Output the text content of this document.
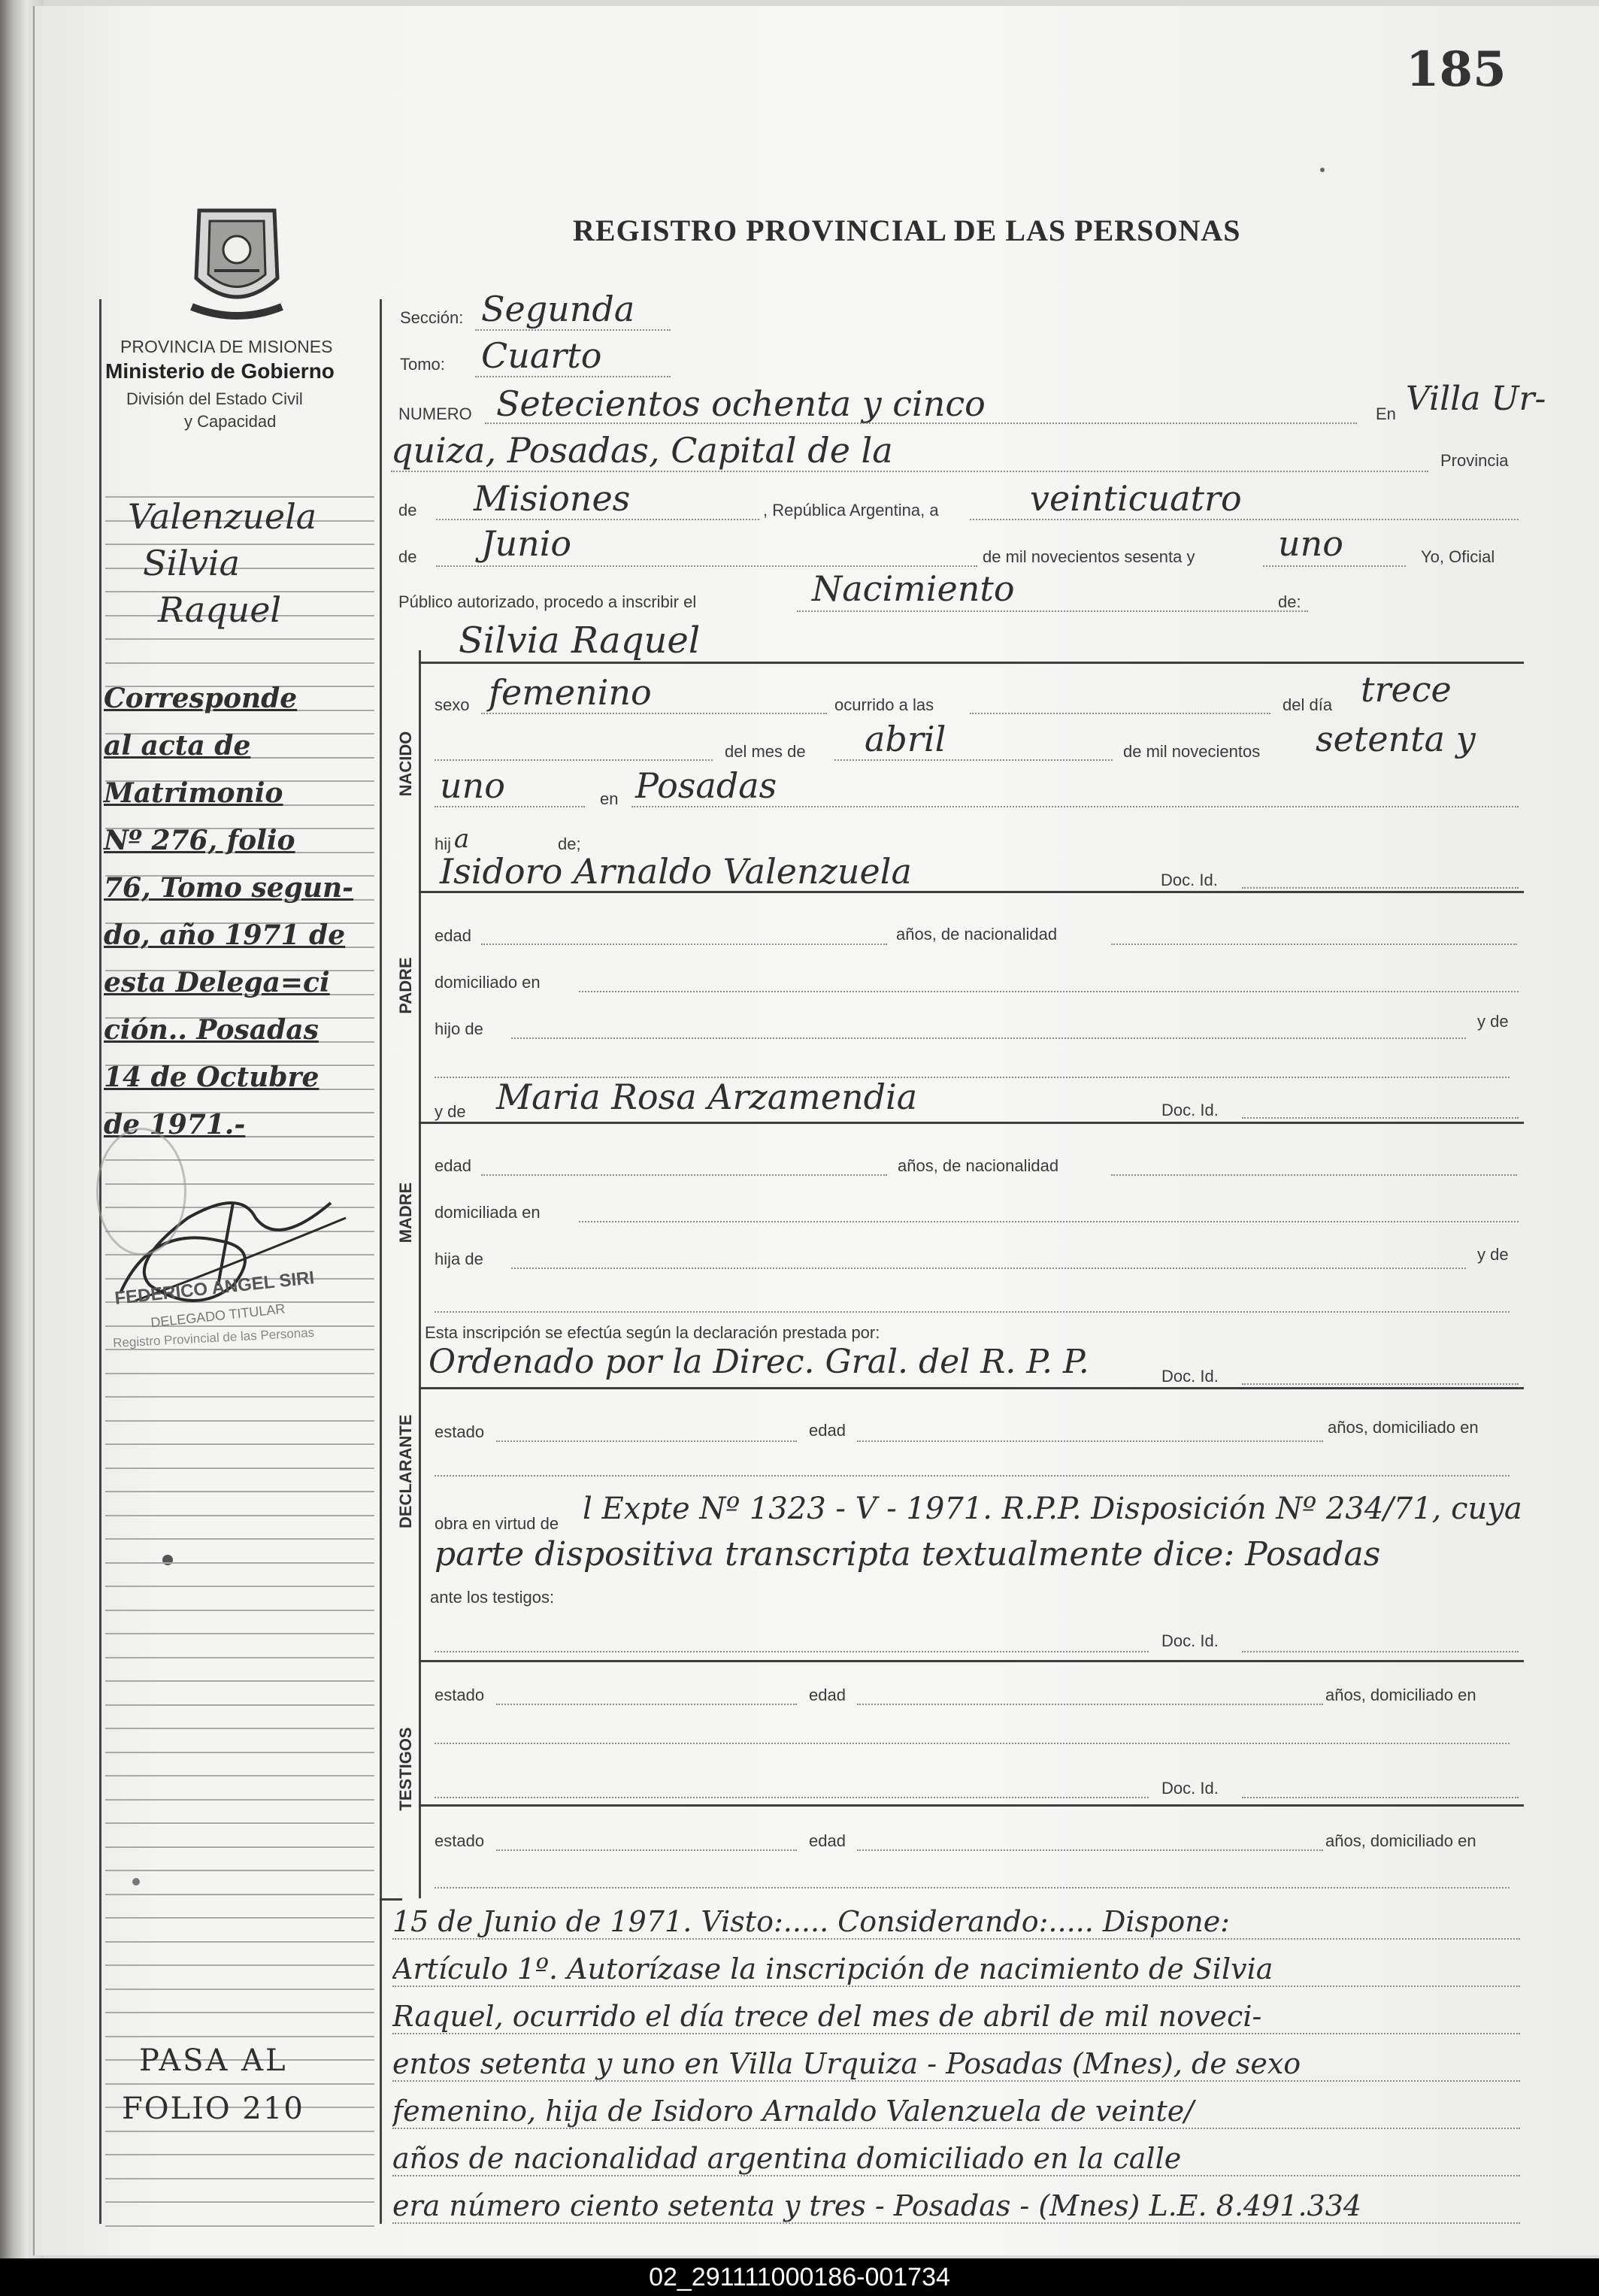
185
REGISTRO PROVINCIAL DE LAS PERSONAS
PROVINCIA DE MISIONES
Ministerio de Gobierno
División del Estado Civil
y Capacidad
Valenzuela
Silvia
Raquel
Corresponde
al acta de
Matrimonio
Nº 276, folio
76, Tomo segun-
do, año 1971 de
esta Delega=ci
ción.. Posadas
14 de Octubre
de 1971.-
FEDERICO ANGEL SIRI
DELEGADO TITULAR
Registro Provincial de las Personas
PASA AL
FOLIO 210
Sección: Segunda
Tomo: Cuarto
NUMERO Setecientos ochenta y cinco	En Villa Ur-
quiza, Posadas, Capital de la	Provincia
de Misiones	, República Argentina, a	veinticuatro
de Junio	de mil novecientos sesenta y uno	Yo, Oficial
Público autorizado, procedo a inscribir el	Nacimiento	de:
Silvia Raquel
NACIDO
PADRE
MADRE
DECLARANTE
TESTIGOS
sexo femenino	ocurrido a las	del día trece
del mes de abril	de mil novecientos setenta y
uno	en Posadas
hij a	de;
Isidoro Arnaldo Valenzuela	Doc. Id.
edad	años, de nacionalidad
domiciliado en
hijo de	y de
y de Maria Rosa Arzamendia	Doc. Id.
edad	años, de nacionalidad
domiciliada en
hija de	y de
Esta inscripción se efectúa según la declaración prestada por:
Ordenado por la Direc. Gral. del R. P. P.	Doc. Id.
estado	edad	años, domiciliado en
obra en virtud de l Expte Nº 1323 - V - 1971. R.P.P. Disposición Nº 234/71, cuya
parte dispositiva transcripta textualmente dice: Posadas
ante los testigos:
Doc. Id.
estado	edad	años, domiciliado en
Doc. Id.
estado	edad	años, domiciliado en
15 de Junio de 1971. Visto:..... Considerando:..... Dispone:
Artículo 1º. Autorízase la inscripción de nacimiento de Silvia
Raquel, ocurrido el día trece del mes de abril de mil noveci-
entos setenta y uno en Villa Urquiza - Posadas (Mnes), de sexo
femenino, hija de Isidoro Arnaldo Valenzuela de veinte/
años de nacionalidad argentina domiciliado en la calle
era número ciento setenta y tres - Posadas - (Mnes) L.E. 8.491.334
02_291111000186-001734
